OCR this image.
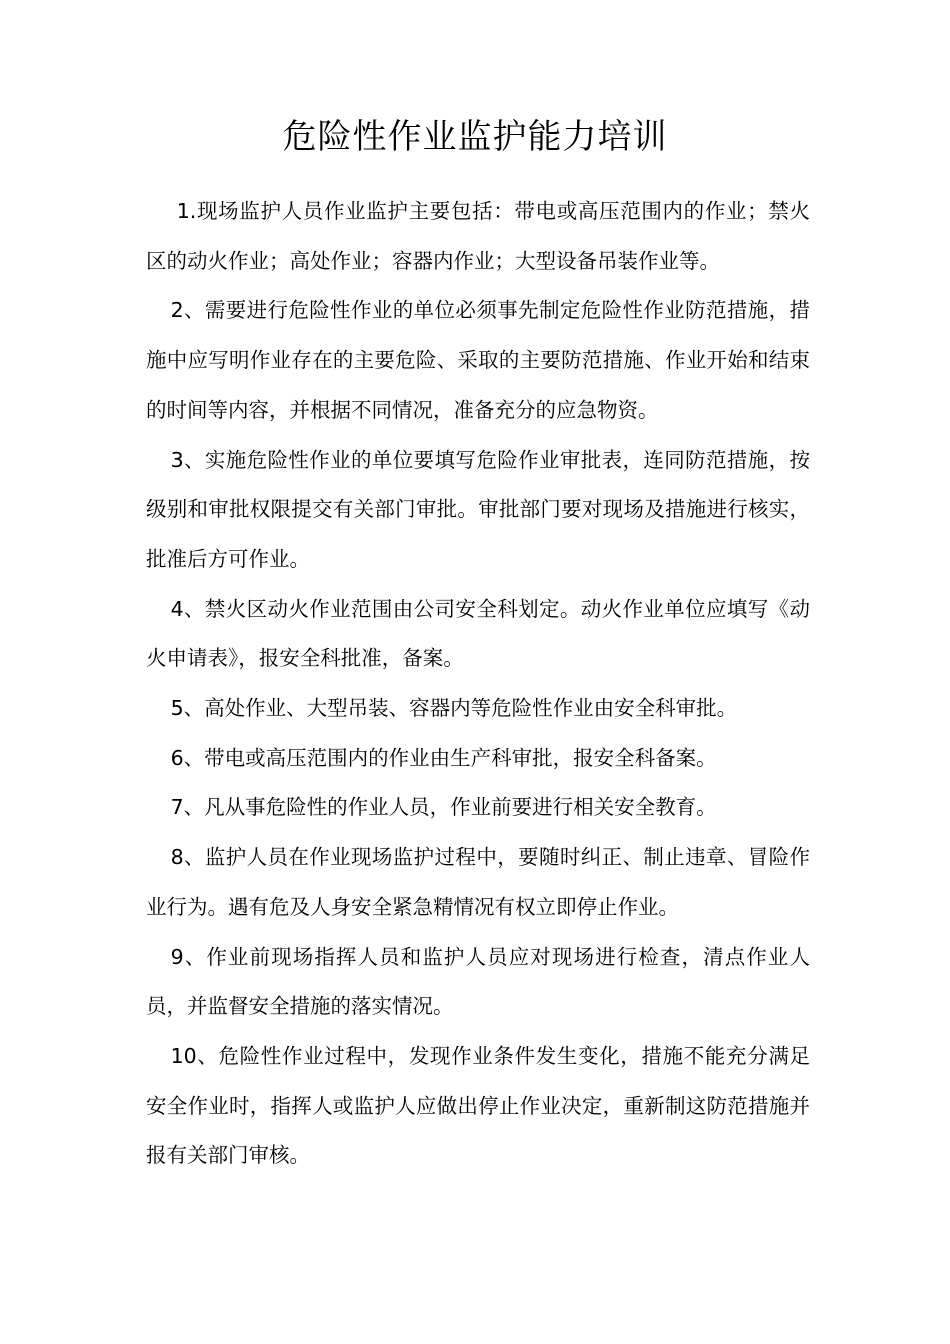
危险性作业监护能力培训

1.现场监护人员作业监护主要包括：带电或高压范围内的作业；禁火区的动火作业；高处作业；容器内作业；大型设备吊装作业等。

2、需要进行危险性作业的单位必须事先制定危险性作业防范措施，措施中应写明作业存在的主要危险、采取的主要防范措施、作业开始和结束的时间等内容，并根据不同情况，准备充分的应急物资。

3、实施危险性作业的单位要填写危险作业审批表，连同防范措施，按级别和审批权限提交有关部门审批。审批部门要对现场及措施进行核实，批准后方可作业。

4、禁火区动火作业范围由公司安全科划定。动火作业单位应填写《动火申请表》，报安全科批准，备案。

5、高处作业、大型吊装、容器内等危险性作业由安全科审批。

6、带电或高压范围内的作业由生产科审批，报安全科备案。

7、凡从事危险性的作业人员，作业前要进行相关安全教育。

8、监护人员在作业现场监护过程中，要随时纠正、制止违章、冒险作业行为。遇有危及人身安全紧急精情况有权立即停止作业。

9、作业前现场指挥人员和监护人员应对现场进行检查，清点作业人员，并监督安全措施的落实情况。

10、危险性作业过程中，发现作业条件发生变化，措施不能充分满足安全作业时，指挥人或监护人应做出停止作业决定，重新制这防范措施并报有关部门审核。
